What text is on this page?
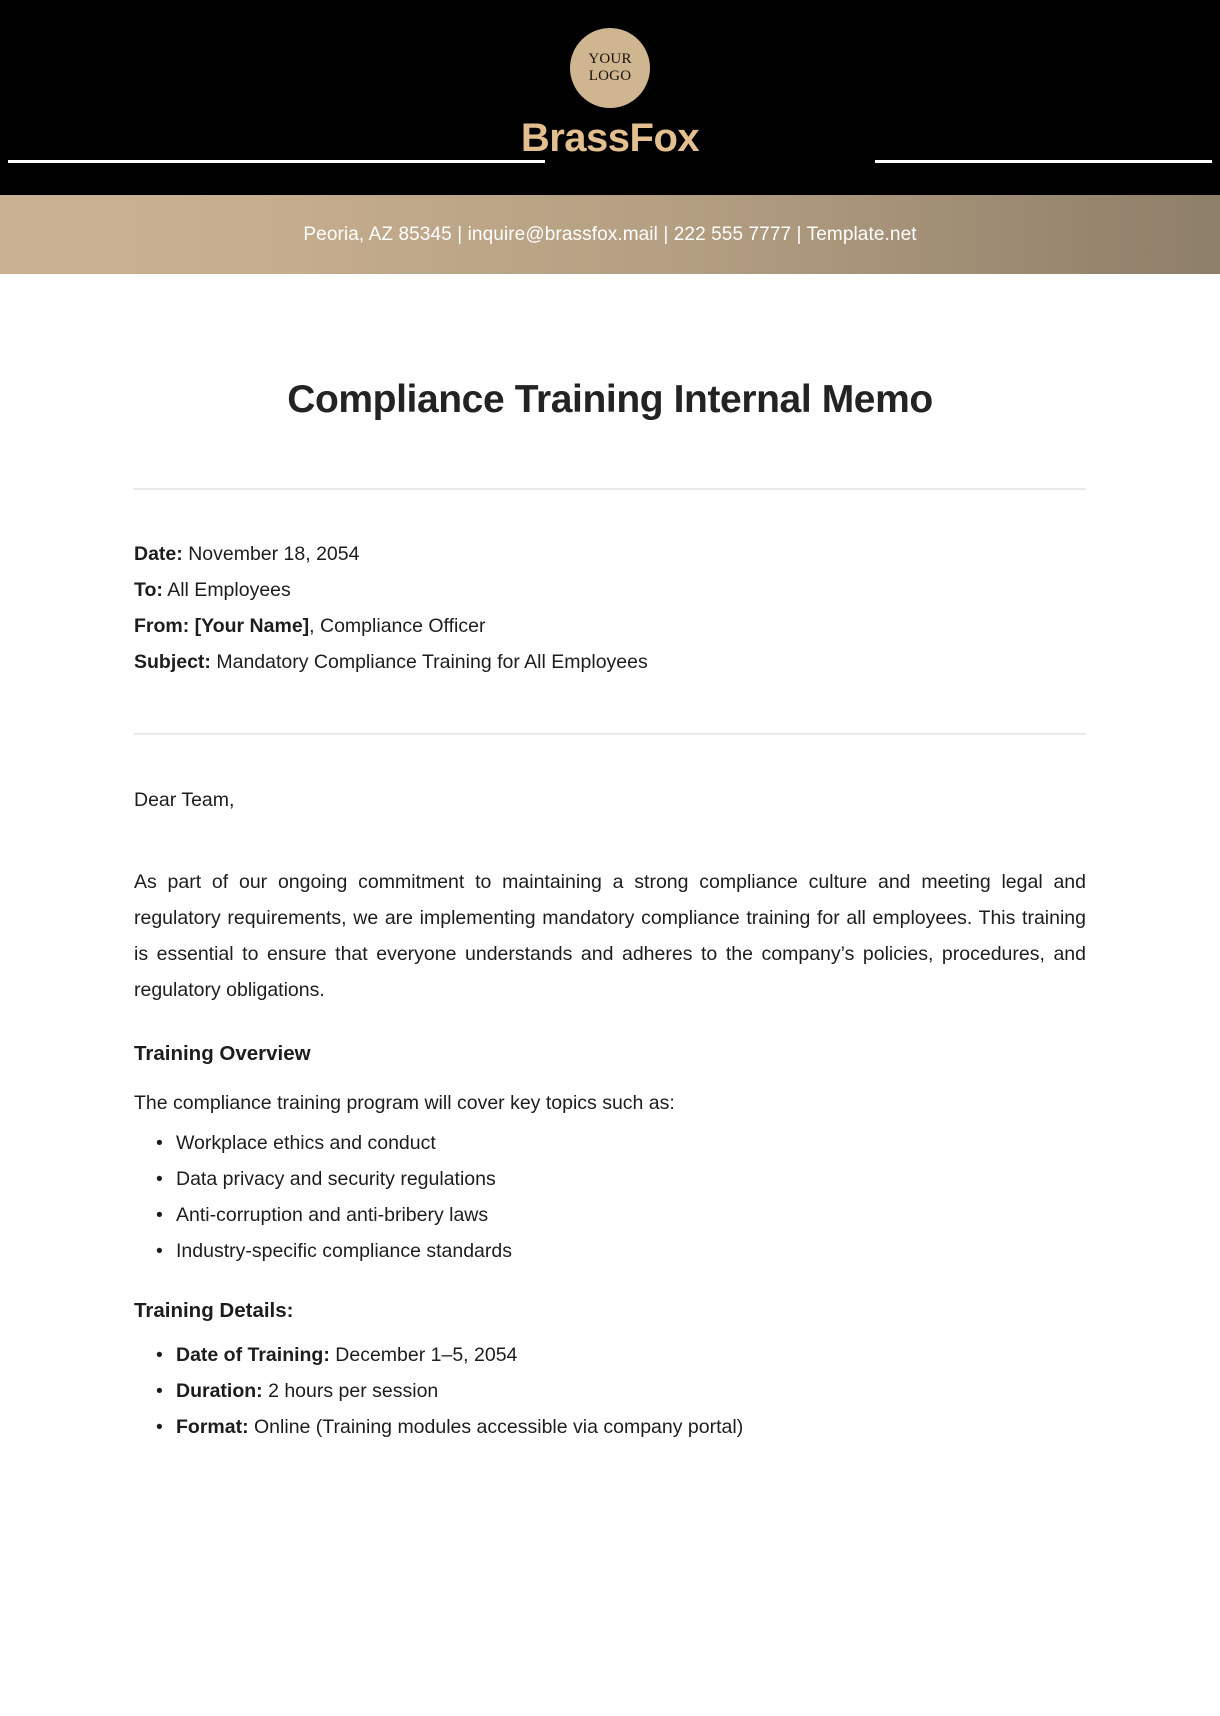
YOUR
LOGO
BrassFox
Peoria, AZ 85345 | inquire@brassfox.mail | 222 555 7777 | Template.net
Compliance Training Internal Memo
Date: November 18, 2054
To: All Employees
From: [Your Name], Compliance Officer
Subject: Mandatory Compliance Training for All Employees
Dear Team,

As part of our ongoing commitment to maintaining a strong compliance culture and meeting legal and regulatory requirements, we are implementing mandatory compliance training for all employees. This training is essential to ensure that everyone understands and adheres to the company’s policies, procedures, and regulatory obligations.

Training Overview
The compliance training program will cover key topics such as:
• Workplace ethics and conduct
• Data privacy and security regulations
• Anti-corruption and anti-bribery laws
• Industry-specific compliance standards
Training Details:
• Date of Training: December 1–5, 2054
• Duration: 2 hours per session
• Format: Online (Training modules accessible via company portal)
